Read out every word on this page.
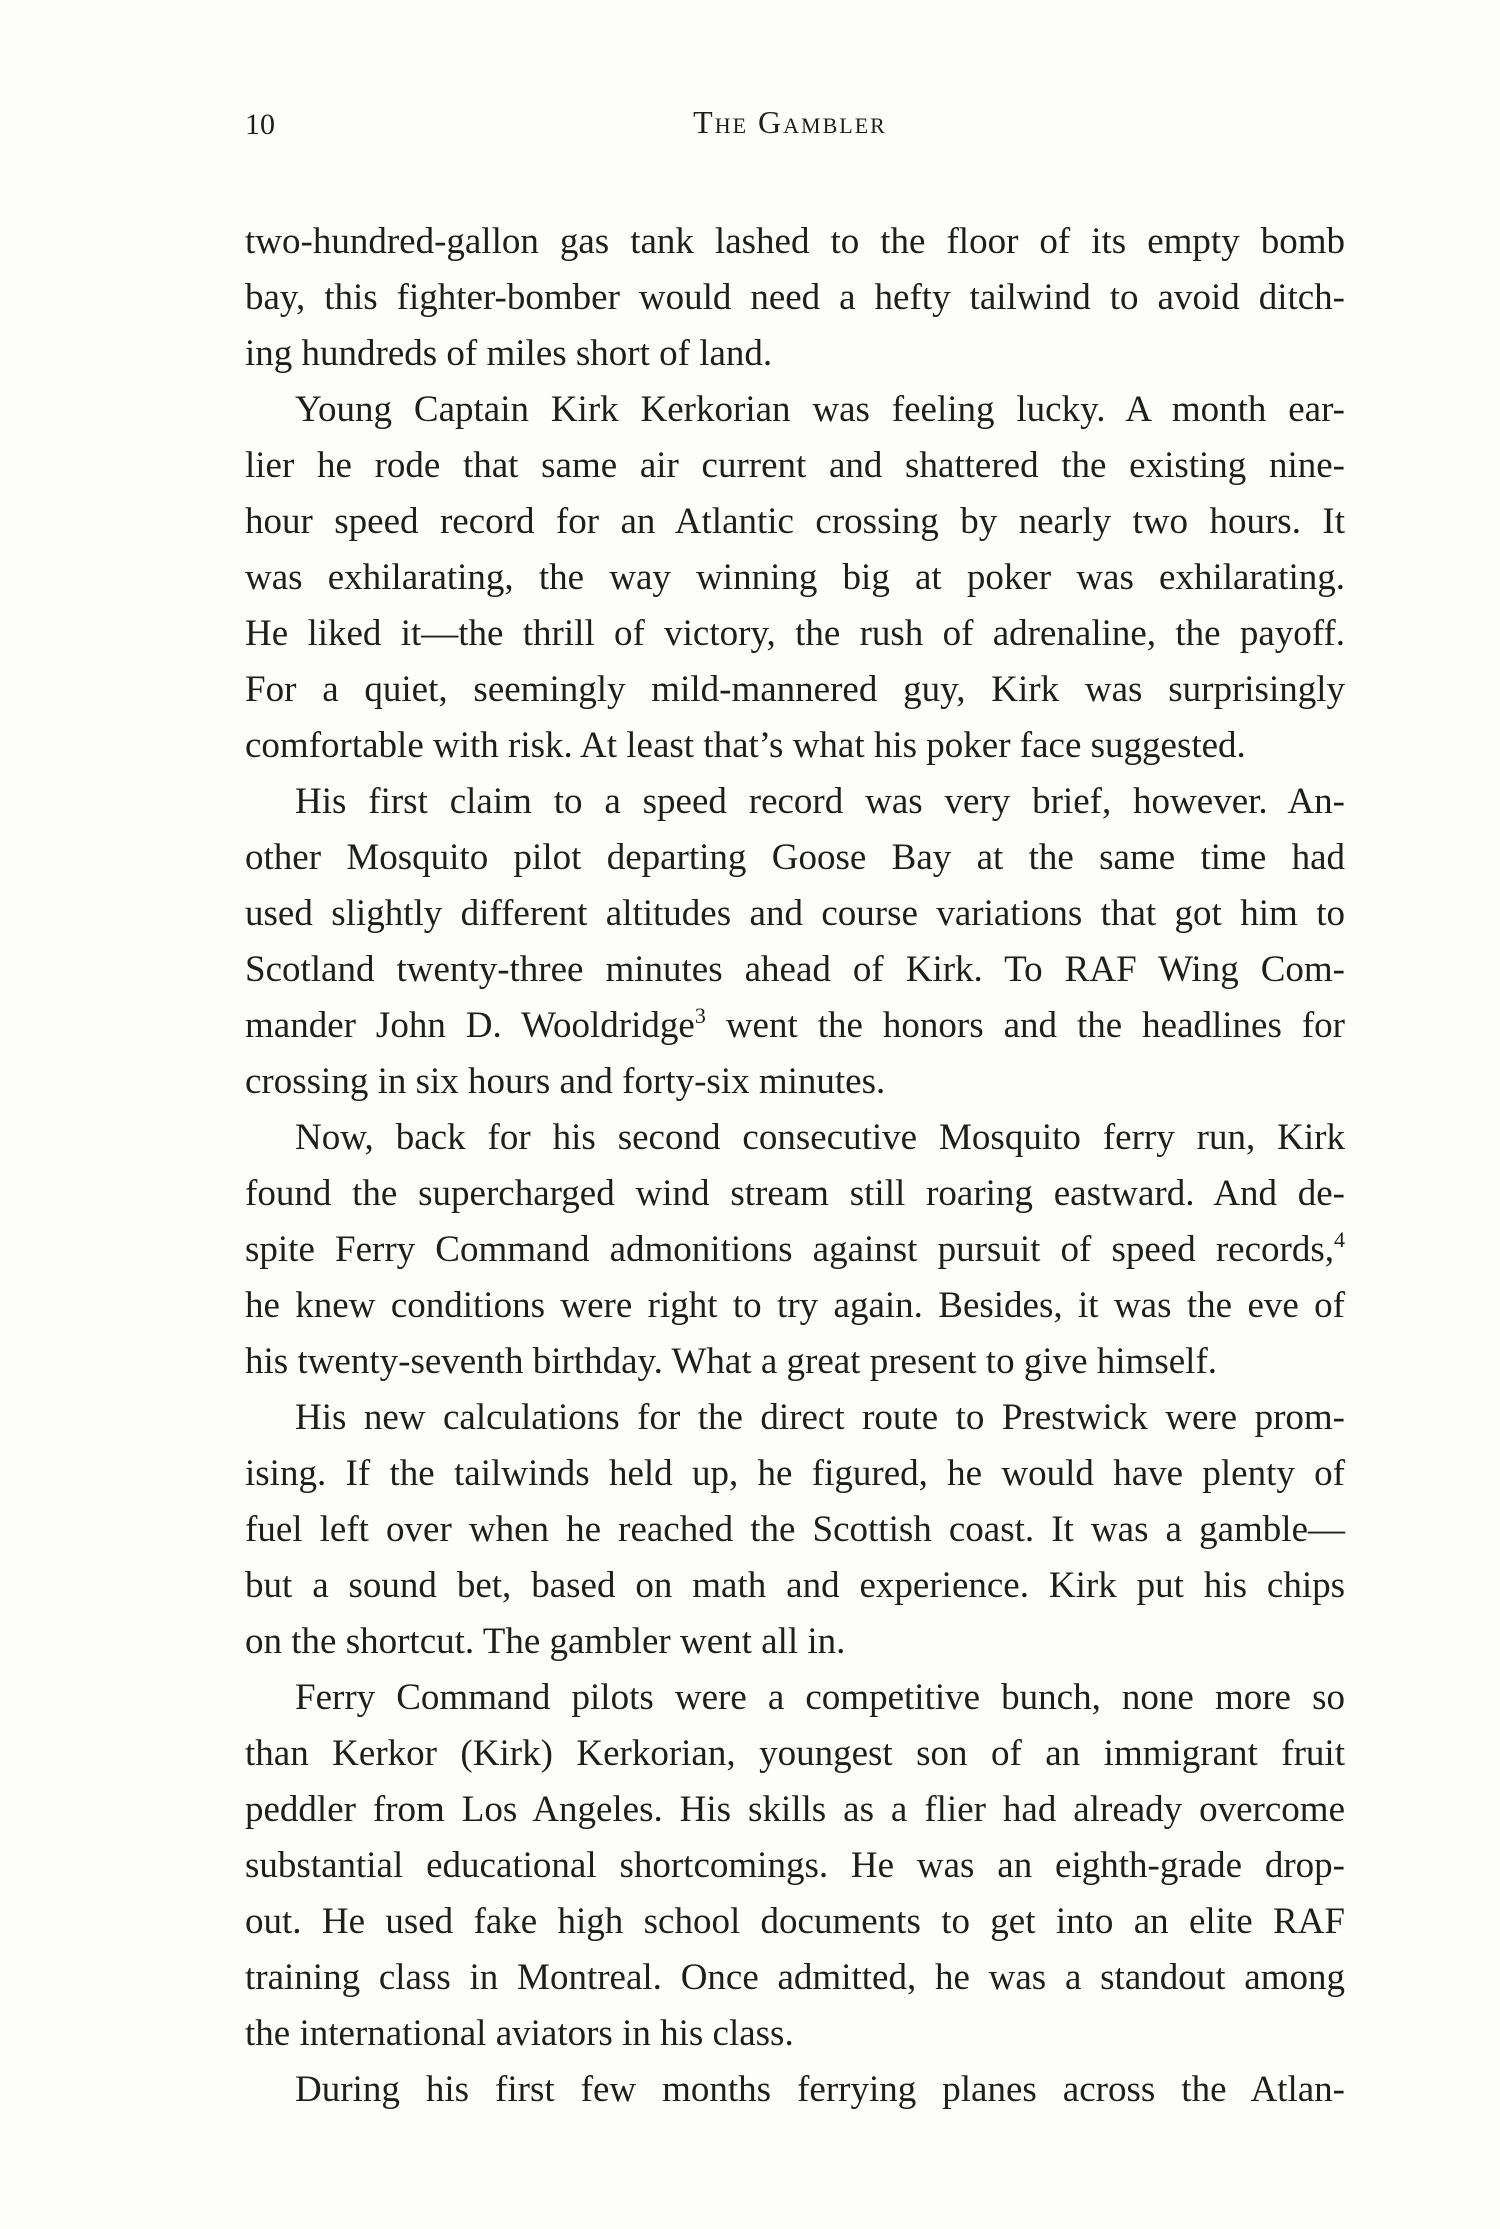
10	The Gambler
two-hundred-gallon gas tank lashed to the floor of its empty bomb
bay, this fighter-bomber would need a hefty tailwind to avoid ditch-
ing hundreds of miles short of land.
Young Captain Kirk Kerkorian was feeling lucky. A month ear-
lier he rode that same air current and shattered the existing nine-
hour speed record for an Atlantic crossing by nearly two hours. It
was exhilarating, the way winning big at poker was exhilarating.
He liked it—the thrill of victory, the rush of adrenaline, the payoff.
For a quiet, seemingly mild-mannered guy, Kirk was surprisingly
comfortable with risk. At least that’s what his poker face suggested.
His first claim to a speed record was very brief, however. An-
other Mosquito pilot departing Goose Bay at the same time had
used slightly different altitudes and course variations that got him to
Scotland twenty-three minutes ahead of Kirk. To RAF Wing Com-
mander John D. Wooldridge$^3$ went the honors and the headlines for
crossing in six hours and forty-six minutes.
Now, back for his second consecutive Mosquito ferry run, Kirk
found the supercharged wind stream still roaring eastward. And de-
spite Ferry Command admonitions against pursuit of speed records,$^4$
he knew conditions were right to try again. Besides, it was the eve of
his twenty-seventh birthday. What a great present to give himself.
His new calculations for the direct route to Prestwick were prom-
ising. If the tailwinds held up, he figured, he would have plenty of
fuel left over when he reached the Scottish coast. It was a gamble—
but a sound bet, based on math and experience. Kirk put his chips
on the shortcut. The gambler went all in.
Ferry Command pilots were a competitive bunch, none more so
than Kerkor (Kirk) Kerkorian, youngest son of an immigrant fruit
peddler from Los Angeles. His skills as a flier had already overcome
substantial educational shortcomings. He was an eighth-grade drop-
out. He used fake high school documents to get into an elite RAF
training class in Montreal. Once admitted, he was a standout among
the international aviators in his class.
During his first few months ferrying planes across the Atlan-
